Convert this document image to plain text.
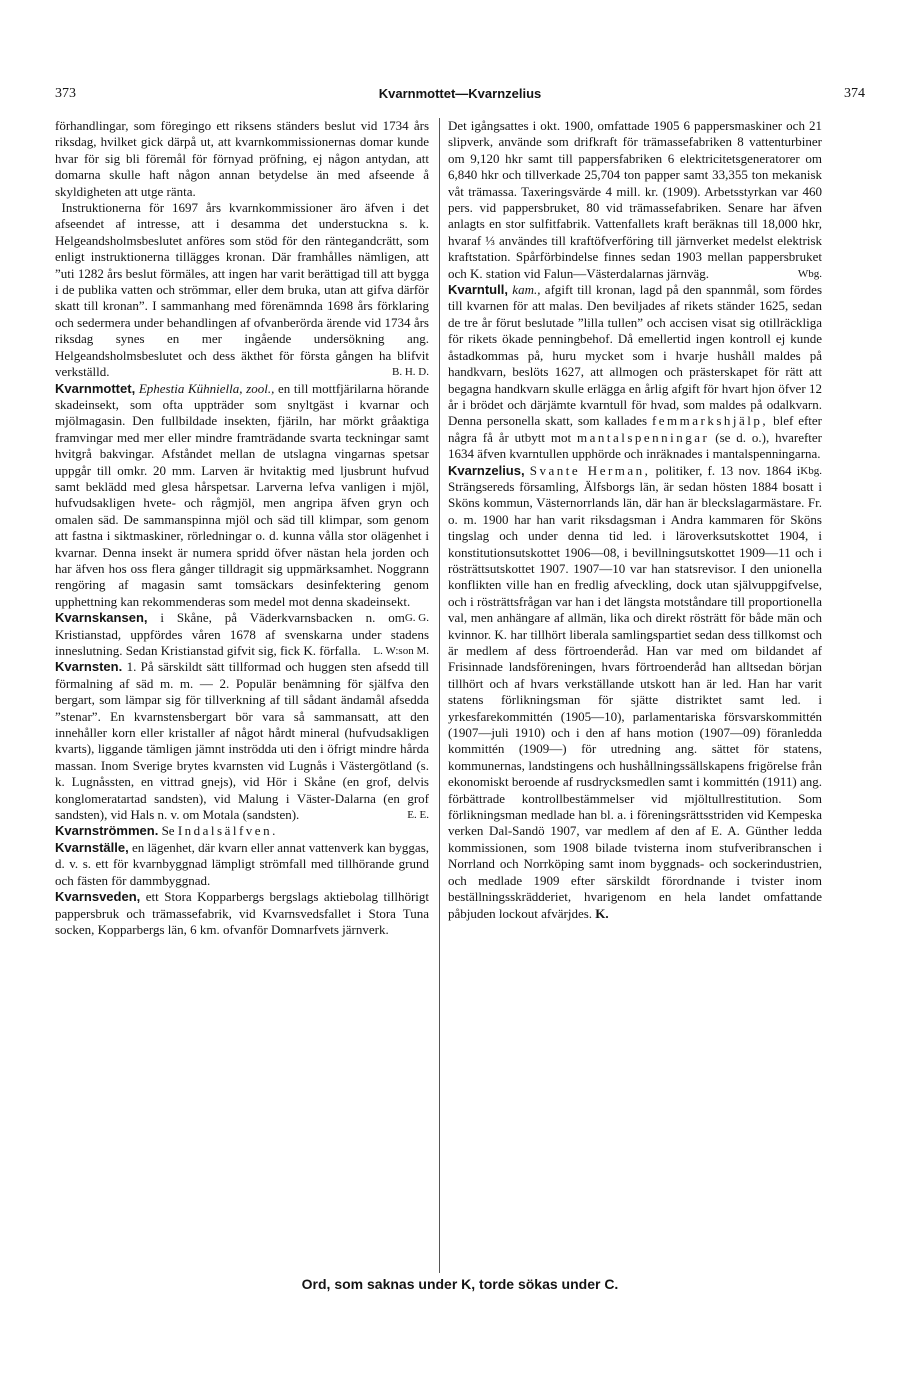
373	Kvarnmottet—Kvarnzelius	374

förhandlingar, som föregingo ett riksens ständers beslut vid 1734 års riksdag, hvilket gick därpå ut, att kvarnkommissionernas domar kunde hvar för sig bli föremål för förnyad pröfning, ej någon antydan, att domarna skulle haft någon annan betydelse än med afseende å skyldigheten att utge ränta.

 Instruktionerna för 1697 års kvarnkommissioner äro äfven i det afseendet af intresse, att i desamma det understuckna s. k. Helgeandsholmsbeslutet anföres som stöd för den räntegandcrätt, som enligt instruktionerna tillägges kronan. Där framhålles nämligen, att ”uti 1282 års beslut förmäles, att ingen har varit berättigad till att bygga i de publika vatten och strömmar, eller dem bruka, utan att gifva därför skatt till kronan”. I sammanhang med förenämnda 1698 års förklaring och sedermera under behandlingen af ofvanberörda ärende vid 1734 års riksdag synes en mer ingående undersökning ang. Helgeandsholmsbeslutet och dess äkthet för första gången ha blifvit verkställd.	B. H. D.

Kvarnmottet, Ephestia Kühniella, zool., en till mottfjärilarna hörande skadeinsekt, som ofta uppträder som snyltgäst i kvarnar och mjölmagasin. Den fullbildade insekten, fjäriln, har mörkt gråaktiga framvingar med mer eller mindre framträdande svarta teckningar samt hvitgrå bakvingar. Afståndet mellan de utslagna vingarnas spetsar uppgår till omkr. 20 mm. Larven är hvitaktig med ljusbrunt hufvud samt beklädd med glesa hårspetsar. Larverna lefva vanligen i mjöl, hufvudsakligen hvete- och rågmjöl, men angripa äfven gryn och omalen säd. De sammanspinna mjöl och säd till klimpar, som genom att fastna i siktmaskiner, rörledningar o. d. kunna vålla stor olägenhet i kvarnar. Denna insekt är numera spridd öfver nästan hela jorden och har äfven hos oss flera gånger tilldragit sig uppmärksamhet. Noggrann rengöring af magasin samt tomsäckars desinfektering genom upphettning kan rekommenderas som medel mot denna skadeinsekt.
G. G.

Kvarnskansen, i Skåne, på Väderkvarnsbacken n. om Kristianstad, uppfördes våren 1678 af svenskarna under stadens inneslutning. Sedan Kristianstad gifvit sig, fick K. förfalla. L. W:son M.

Kvarnsten. 1. På särskildt sätt tillformad och huggen sten afsedd till förmalning af säd m. m. — 2. Populär benämning för själfva den bergart, som lämpar sig för tillverkning af till sådant ändamål afsedda ”stenar”. En kvarnstensbergart bör vara så sammansatt, att den innehåller korn eller kristaller af något hårdt mineral (hufvudsakligen kvarts), liggande tämligen jämnt inströdda uti den i öfrigt mindre hårda massan. Inom Sverige brytes kvarnsten vid Lugnås i Västergötland (s. k. Lugnåssten, en vittrad gnejs), vid Hör i Skåne (en grof, delvis konglomeratartad sandsten), vid Malung i Väster-Dalarna (en grof sandsten), vid Hals n. v. om Motala (sandsten).	E. E.

Kvarnströmmen. Se Indalsälfven.

Kvarnställe, en lägenhet, där kvarn eller annat vattenverk kan byggas, d. v. s. ett för kvarnbyggnad lämpligt strömfall med tillhörande grund och fästen för dammbyggnad.

Kvarnsveden, ett Stora Kopparbergs bergslags aktiebolag tillhörigt pappersbruk och trämassefabrik, vid Kvarnsvedsfallet i Stora Tuna socken, Kopparbergs län, 6 km. ofvanför Domnarfvets järnverk.

Det igångsattes i okt. 1900, omfattade 1905 6 pappersmaskiner och 21 slipverk, använde som drifkraft för trämassefabriken 8 vattenturbiner om 9,120 hkr samt till pappersfabriken 6 elektricitetsgeneratorer om 6,840 hkr och tillverkade 25,704 ton papper samt 33,355 ton mekanisk våt trämassa. Taxeringsvärde 4 mill. kr. (1909). Arbetsstyrkan var 460 pers. vid pappersbruket, 80 vid trämassefabriken. Senare har äfven anlagts en stor sulfitfabrik. Vattenfallets kraft beräknas till 18,000 hkr, hvaraf ⅓ användes till kraftöfverföring till järnverket medelst elektrisk kraftstation. Spårförbindelse finnes sedan 1903 mellan pappersbruket och K. station vid Falun—Västerdalarnas järnväg.	Wbg.

Kvarntull, kam., afgift till kronan, lagd på den spannmål, som fördes till kvarnen för att malas. Den beviljades af rikets ständer 1625, sedan de tre år förut beslutade ”lilla tullen” och accisen visat sig otillräckliga för rikets ökade penningbehof. Då emellertid ingen kontroll ej kunde åstadkommas på, huru mycket som i hvarje hushåll maldes på handkvarn, beslöts 1627, att allmogen och prästerskapet för rätt att begagna handkvarn skulle erlägga en årlig afgift för hvart hjon öfver 12 år i brödet och därjämte kvarntull för hvad, som maldes på odalkvarn. Denna personella skatt, som kallades femmarkshjälp, blef efter några få år utbytt mot mantalspenningar (se d. o.), hvarefter 1634 äfven kvarntullen upphörde och inräknades i mantalspenningarna.
Kbg.

Kvarnzelius, Svante Herman, politiker, f. 13 nov. 1864 i Strängsereds församling, Älfsborgs län, är sedan hösten 1884 bosatt i Sköns kommun, Västernorrlands län, där han är bleckslagarmästare. Fr. o. m. 1900 har han varit riksdagsman i Andra kammaren för Sköns tingslag och under denna tid led. i läroverksutskottet 1904, i konstitutionsutskottet 1906—08, i bevillningsutskottet 1909—11 och i rösträttsutskottet 1907. 1907—10 var han statsrevisor. I den unionella konflikten ville han en fredlig afveckling, dock utan självuppgifvelse, och i rösträttsfrågan var han i det längsta motståndare till proportionella val, men anhängare af allmän, lika och direkt rösträtt för både män och kvinnor. K. har tillhört liberala samlingspartiet sedan dess tillkomst och är medlem af dess förtroenderåd. Han var med om bildandet af Frisinnade landsföreningen, hvars förtroenderåd han alltsedan början tillhört och af hvars verkställande utskott han är led. Han har varit statens förlikningsman för sjätte distriktet samt led. i yrkesfarekommittén (1905—10), parlamentariska försvarskommittén (1907—juli 1910) och i den af hans motion (1907—09) föranledda kommittén (1909—) för utredning ang. sättet för statens, kommunernas, landstingens och hushållningssällskapens frigörelse från ekonomiskt beroende af rusdrycksmedlen samt i kommittén (1911) ang. förbättrade kontrollbestämmelser vid mjöltullrestitution. Som förlikningsman medlade han bl. a. i föreningsrättsstriden vid Kempeska verken Dal-Sandö 1907, var medlem af den af E. A. Günther ledda kommissionen, som 1908 bilade tvisterna inom stufveribranschen i Norrland och Norrköping samt inom byggnads- och sockerindustrien, och medlade 1909 efter särskildt förordnande i tvister inom beställningsskrädderiet, hvarigenom en hela landet omfattande påbjuden lockout afvärjdes. K.

Ord, som saknas under K, torde sökas under C.
